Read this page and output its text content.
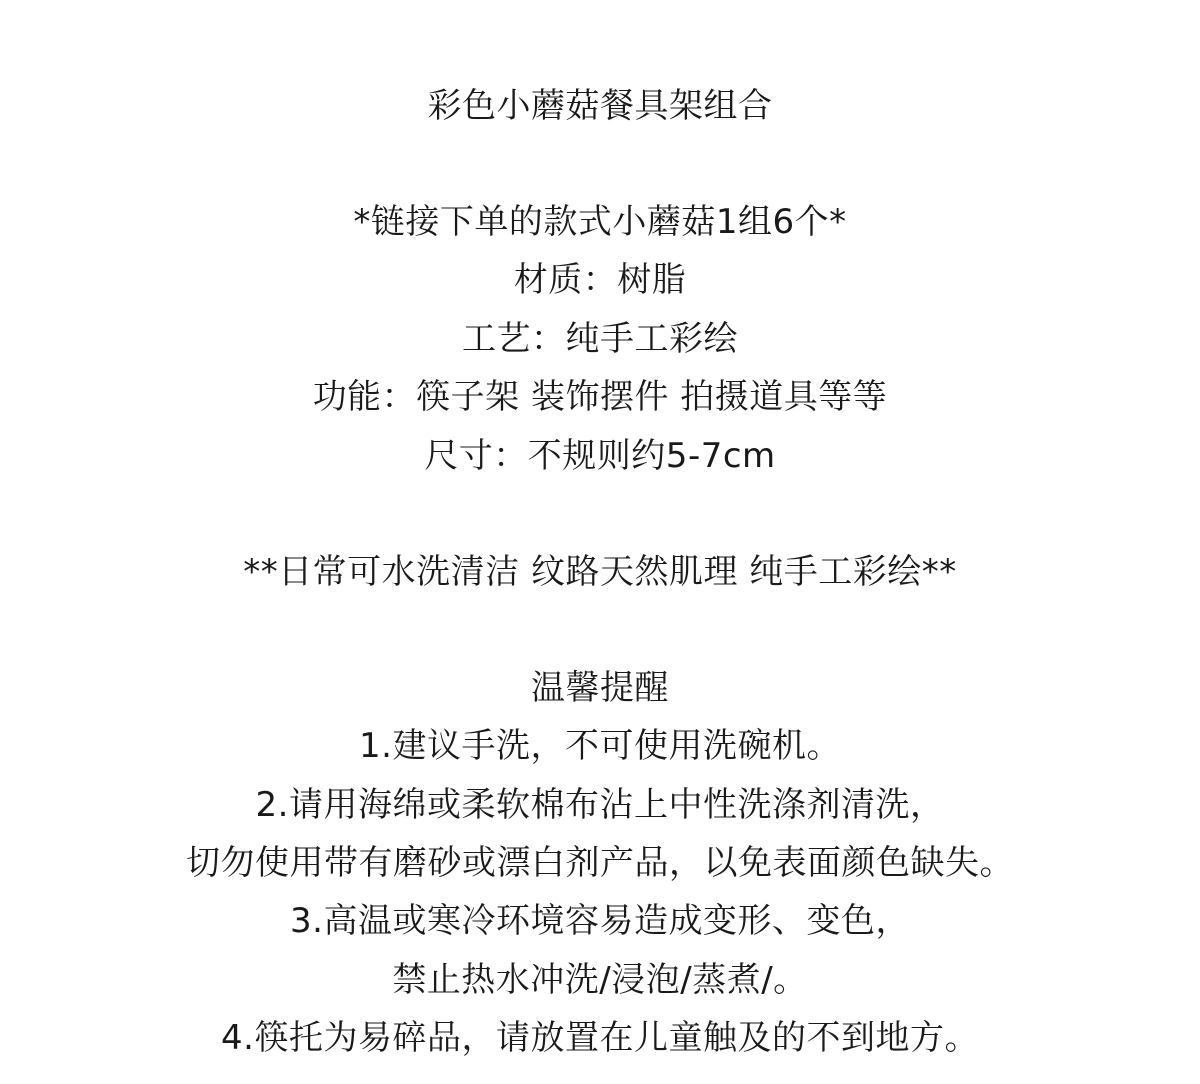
彩色小蘑菇餐具架组合
*链接下单的款式小蘑菇1组6个*
材质：树脂
工艺：纯手工彩绘
功能：筷子架 装饰摆件 拍摄道具等等
尺寸：不规则约5-7cm
**日常可水洗清洁 纹路天然肌理 纯手工彩绘**
温馨提醒
1.建议手洗，不可使用洗碗机。
2.请用海绵或柔软棉布沾上中性洗涤剂清洗，
切勿使用带有磨砂或漂白剂产品，以免表面颜色缺失。
3.高温或寒冷环境容易造成变形、变色，
禁止热水冲洗/浸泡/蒸煮/。
4.筷托为易碎品，请放置在儿童触及的不到地方。
